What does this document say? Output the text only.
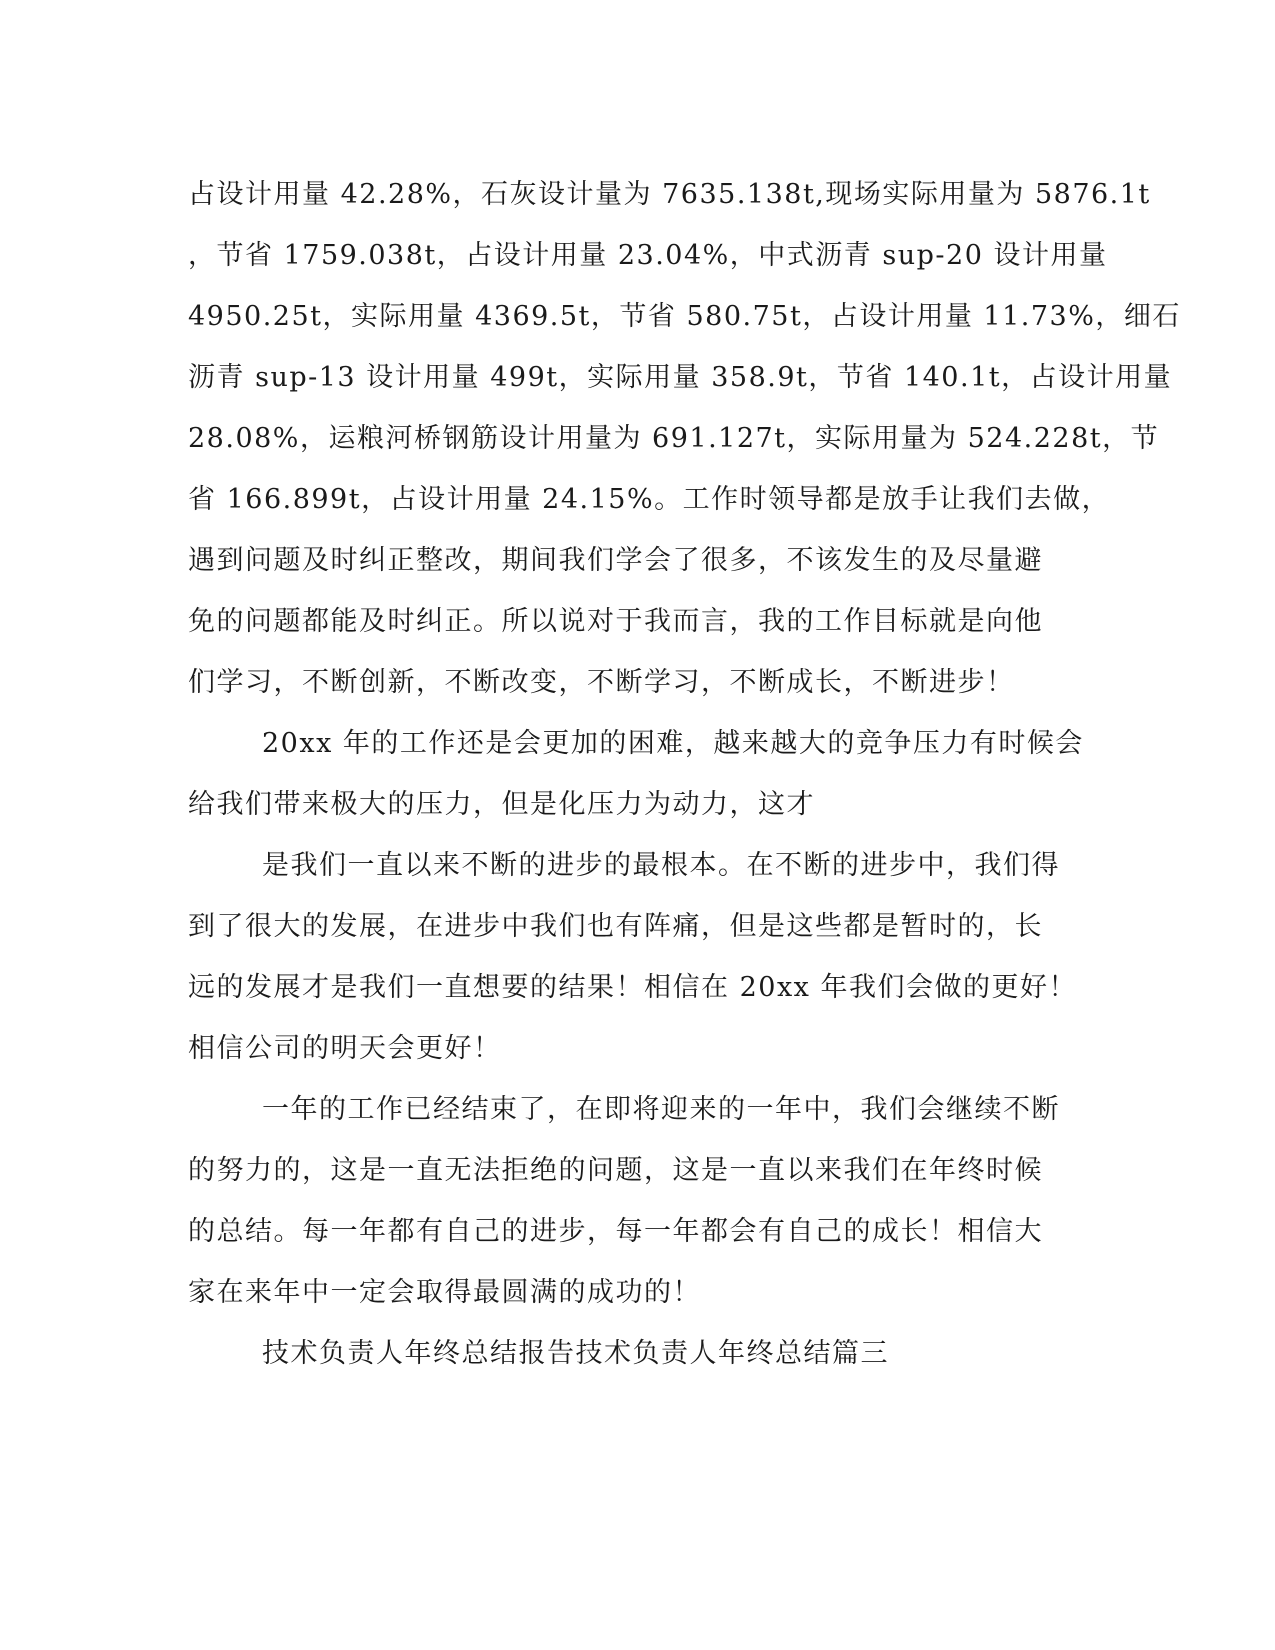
占设计用量 42.28%，石灰设计量为 7635.138t,现场实际用量为 5876.1t
，节省 1759.038t，占设计用量 23.04%，中式沥青 sup-20 设计用量
4950.25t，实际用量 4369.5t，节省 580.75t，占设计用量 11.73%，细石
沥青 sup-13 设计用量 499t，实际用量 358.9t，节省 140.1t，占设计用量
28.08%，运粮河桥钢筋设计用量为 691.127t，实际用量为 524.228t，节
省 166.899t，占设计用量 24.15%。工作时领导都是放手让我们去做，
遇到问题及时纠正整改，期间我们学会了很多，不该发生的及尽量避
免的问题都能及时纠正。所以说对于我而言，我的工作目标就是向他
们学习，不断创新，不断改变，不断学习，不断成长，不断进步！
20xx 年的工作还是会更加的困难，越来越大的竞争压力有时候会
给我们带来极大的压力，但是化压力为动力，这才
是我们一直以来不断的进步的最根本。在不断的进步中，我们得
到了很大的发展，在进步中我们也有阵痛，但是这些都是暂时的，长
远的发展才是我们一直想要的结果！相信在 20xx 年我们会做的更好！
相信公司的明天会更好！
一年的工作已经结束了，在即将迎来的一年中，我们会继续不断
的努力的，这是一直无法拒绝的问题，这是一直以来我们在年终时候
的总结。每一年都有自己的进步，每一年都会有自己的成长！相信大
家在来年中一定会取得最圆满的成功的！
技术负责人年终总结报告技术负责人年终总结篇三
